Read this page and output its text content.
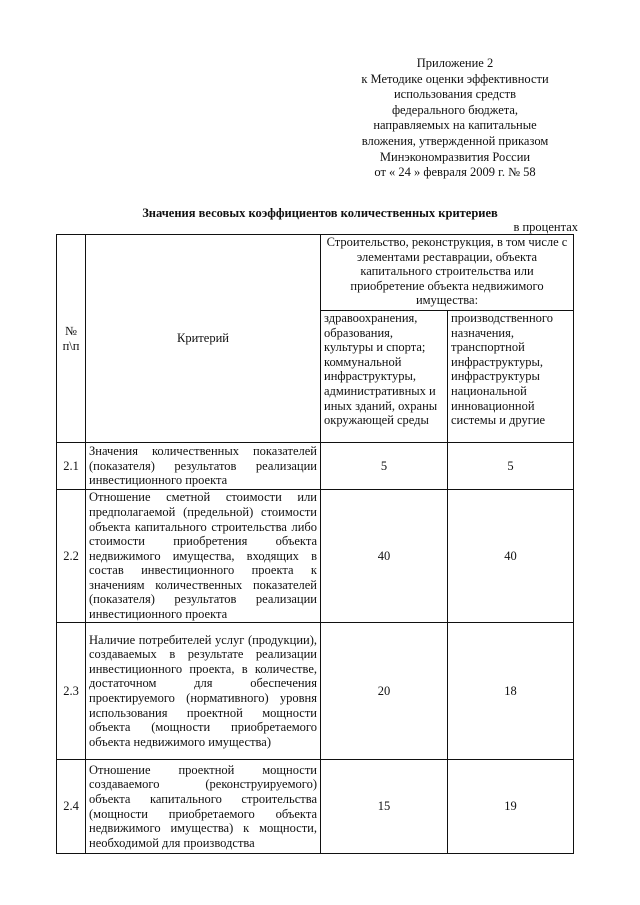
Приложение 2
к Методике оценки эффективности
использования средств
федерального бюджета,
направляемых на капитальные
вложения, утвержденной приказом
Минэкономразвития России
от « 24 » февраля 2009 г. № 58
Значения весовых коэффициентов количественных критериев
в процентах
№ п\п	Критерий	Строительство, реконструкция, в том числе с элементами реставрации, объекта капитального строительства или приобретение объекта недвижимого имущества:	
		здравоохранения, образования, культуры и спорта; коммунальной инфраструктуры, административных и иных зданий, охраны окружающей среды	производственного назначения, транспортной инфраструктуры, инфраструктуры национальной инновационной системы и другие
2.1	Значения количественных показателей (показателя) результатов реализации инвестиционного проекта	5	5
2.2	Отношение сметной стоимости или предполагаемой (предельной) стоимости объекта капитального строительства либо стоимости приобретения объекта недвижимого имущества, входящих в состав инвестиционного проекта к значениям количественных показателей (показателя) результатов реализации инвестиционного проекта	40	40
2.3	Наличие потребителей услуг (продукции), создаваемых в результате реализации инвестиционного проекта, в количестве, достаточном для обеспечения проектируемого (нормативного) уровня использования проектной мощности объекта (мощности приобретаемого объекта недвижимого имущества)	20	18
2.4	Отношение проектной мощности создаваемого (реконструируемого) объекта капитального строительства (мощности приобретаемого объекта недвижимого имущества) к мощности, необходимой для производства	15	19
